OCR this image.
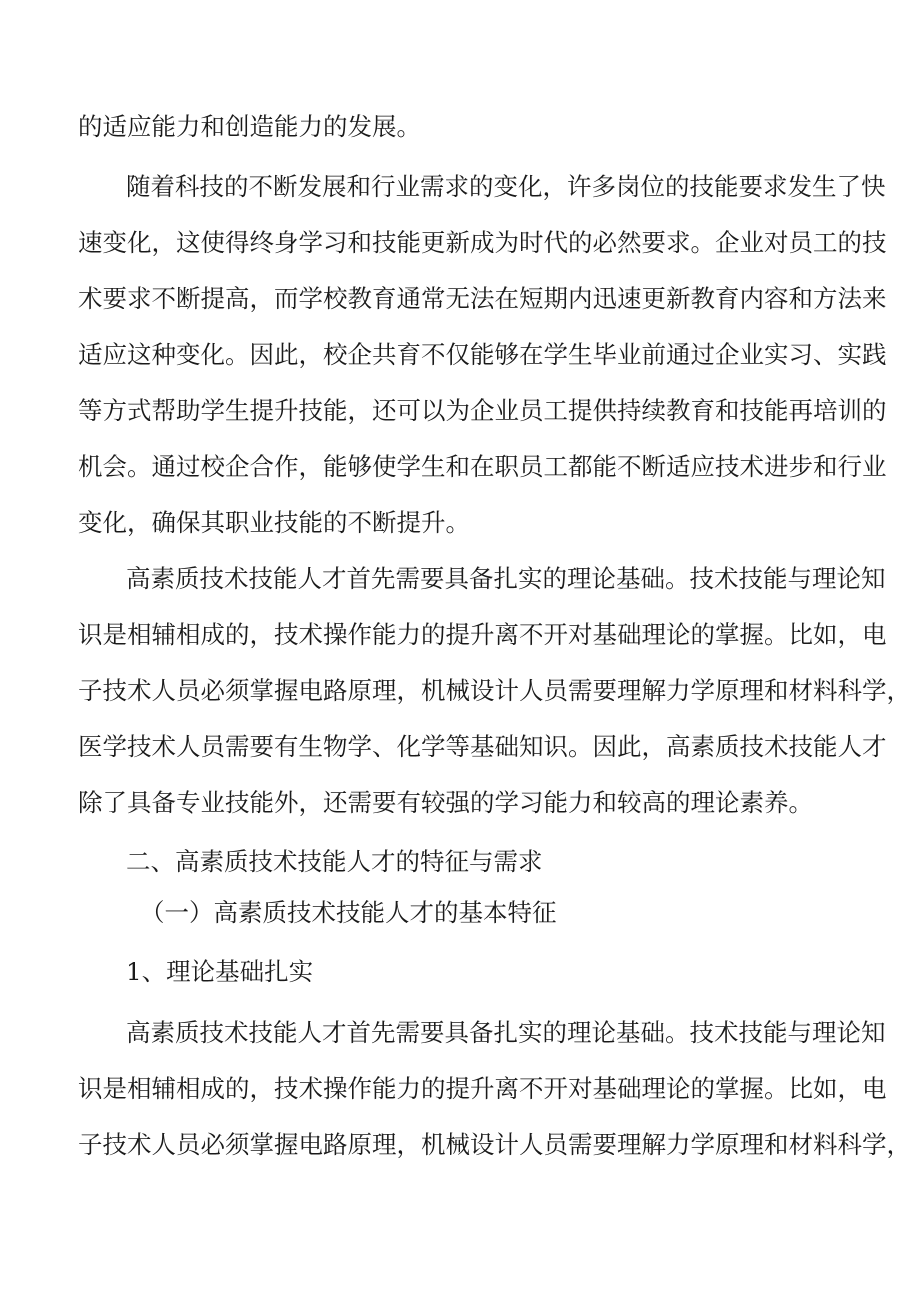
的适应能力和创造能力的发展。
随着科技的不断发展和行业需求的变化，许多岗位的技能要求发生了快
速变化，这使得终身学习和技能更新成为时代的必然要求。企业对员工的技
术要求不断提高，而学校教育通常无法在短期内迅速更新教育内容和方法来
适应这种变化。因此，校企共育不仅能够在学生毕业前通过企业实习、实践
等方式帮助学生提升技能，还可以为企业员工提供持续教育和技能再培训的
机会。通过校企合作，能够使学生和在职员工都能不断适应技术进步和行业
变化，确保其职业技能的不断提升。
高素质技术技能人才首先需要具备扎实的理论基础。技术技能与理论知
识是相辅相成的，技术操作能力的提升离不开对基础理论的掌握。比如，电
子技术人员必须掌握电路原理，机械设计人员需要理解力学原理和材料科学，
医学技术人员需要有生物学、化学等基础知识。因此，高素质技术技能人才
除了具备专业技能外，还需要有较强的学习能力和较高的理论素养。
二、高素质技术技能人才的特征与需求
（一）高素质技术技能人才的基本特征
1、理论基础扎实
高素质技术技能人才首先需要具备扎实的理论基础。技术技能与理论知
识是相辅相成的，技术操作能力的提升离不开对基础理论的掌握。比如，电
子技术人员必须掌握电路原理，机械设计人员需要理解力学原理和材料科学，
